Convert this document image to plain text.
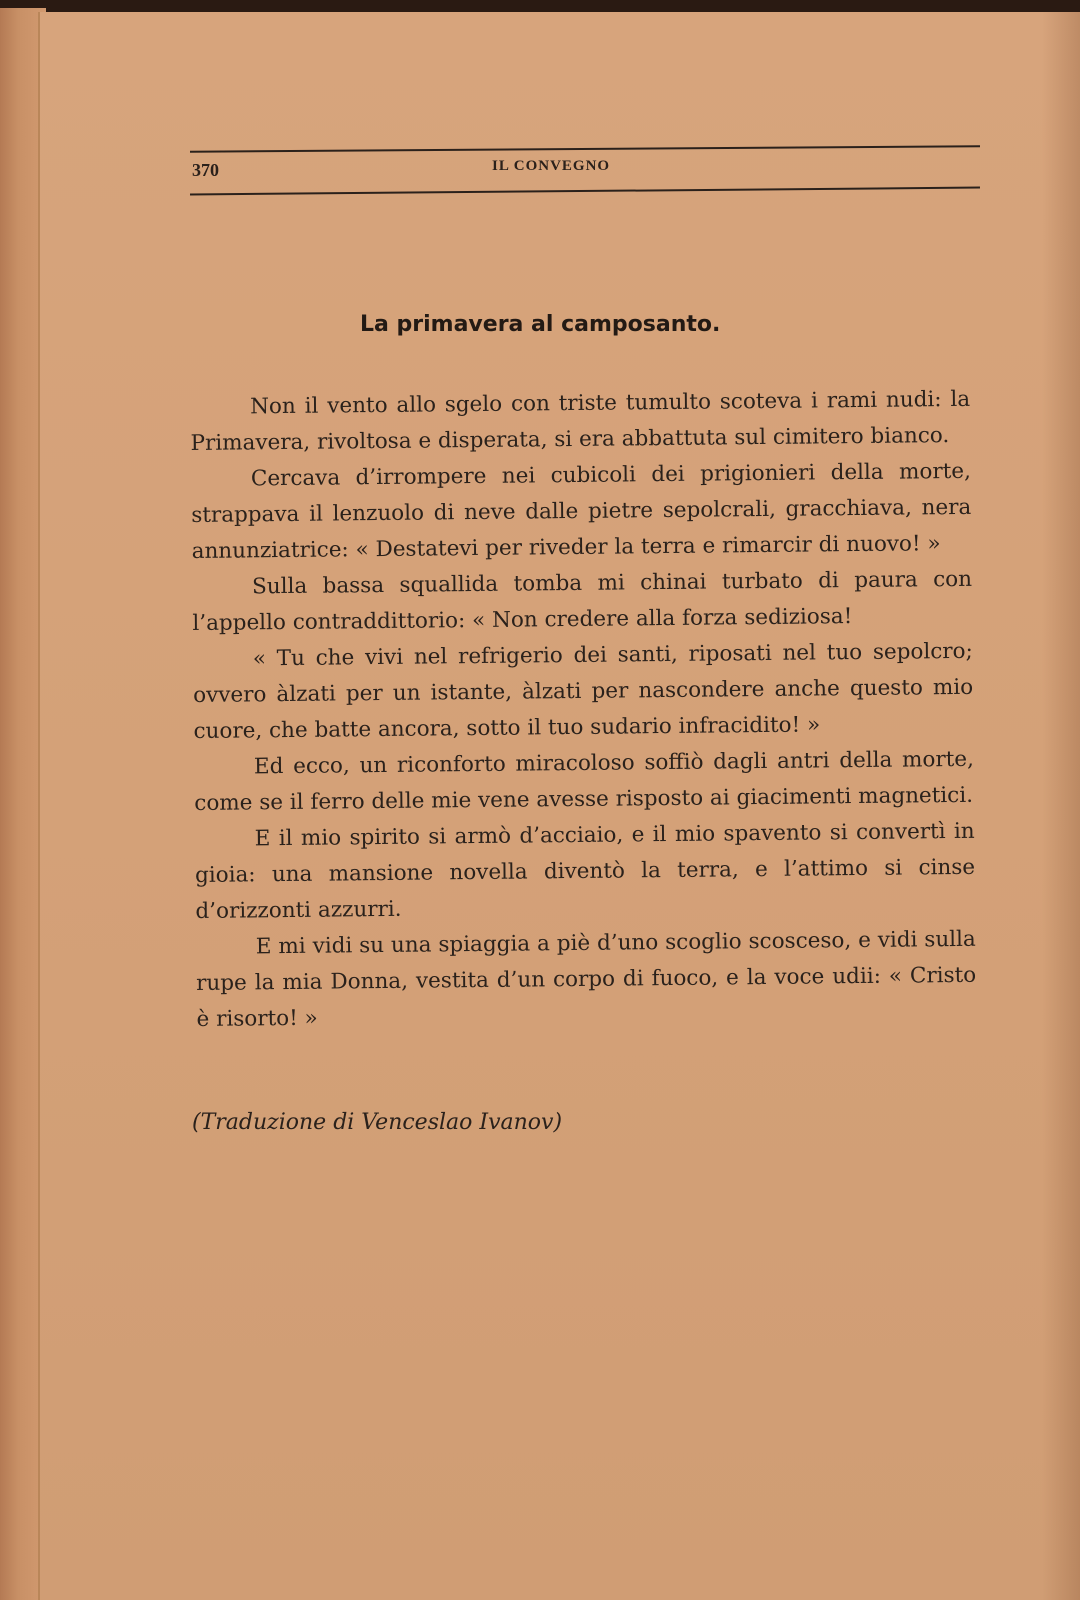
370	IL CONVEGNO
La primavera al camposanto.

Non il vento allo sgelo con triste tumulto scoteva i rami nudi: la Primavera, rivoltosa e disperata, si era abbattuta sul cimitero bianco.

Cercava d’irrompere nei cubicoli dei prigionieri della morte, strappava il lenzuolo di neve dalle pietre sepolcrali, gracchiava, nera annunziatrice: « Destatevi per riveder la terra e rimarcir di nuovo! »

Sulla bassa squallida tomba mi chinai turbato di paura con l’appello contraddittorio: « Non credere alla forza sediziosa!

« Tu che vivi nel refrigerio dei santi, riposati nel tuo sepolcro; ovvero àlzati per un istante, àlzati per nascondere anche questo mio cuore, che batte ancora, sotto il tuo sudario infracidito! »

Ed ecco, un riconforto miracoloso soffiò dagli antri della morte, come se il ferro delle mie vene avesse risposto ai giacimenti magnetici.

E il mio spirito si armò d’acciaio, e il mio spavento si convertì in gioia: una mansione novella diventò la terra, e l’attimo si cinse d’orizzonti azzurri.

E mi vidi su una spiaggia a piè d’uno scoglio scosceso, e vidi sulla rupe la mia Donna, vestita d’un corpo di fuoco, e la voce udii: « Cristo è risorto! »

(Traduzione di Venceslao Ivanov)
